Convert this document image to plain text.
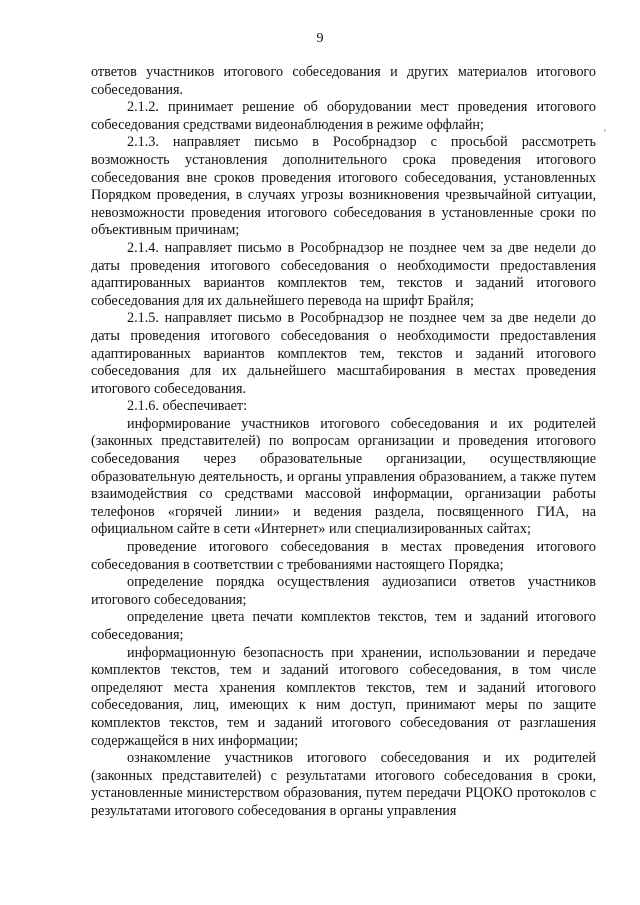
9
ᶜ

ответов участников итогового собеседования и других материалов итогового собеседования.

2.1.2. принимает решение об оборудовании мест проведения итогового собеседования средствами видеонаблюдения в режиме оффлайн;

2.1.3. направляет письмо в Рособрнадзор с просьбой рассмотреть возможность установления дополнительного срока проведения итогового собеседования вне сроков проведения итогового собеседования, установленных Порядком проведения, в случаях угрозы возникновения чрезвычайной ситуации, невозможности проведения итогового собеседования в установленные сроки по объективным причинам;

2.1.4. направляет письмо в Рособрнадзор не позднее чем за две недели до даты проведения итогового собеседования о необходимости предоставления адаптированных вариантов комплектов тем, текстов и заданий итогового собеседования для их дальнейшего перевода на шрифт Брайля;

2.1.5. направляет письмо в Рособрнадзор не позднее чем за две недели до даты проведения итогового собеседования о необходимости предоставления адаптированных вариантов комплектов тем, текстов и заданий итогового собеседования для их дальнейшего масштабирования в местах проведения итогового собеседования.

2.1.6. обеспечивает:

информирование участников итогового собеседования и их родителей (законных представителей) по вопросам организации и проведения итогового собеседования через образовательные организации, осуществляющие образовательную деятельность, и органы управления образованием, а также путем взаимодействия со средствами массовой информации, организации работы телефонов «горячей линии» и ведения раздела, посвященного ГИА, на официальном сайте в сети «Интернет» или специализированных сайтах;

проведение итогового собеседования в местах проведения итогового собеседования в соответствии с требованиями настоящего Порядка;

определение порядка осуществления аудиозаписи ответов участников итогового собеседования;

определение цвета печати комплектов текстов, тем и заданий итогового собеседования;

информационную безопасность при хранении, использовании и передаче комплектов текстов, тем и заданий итогового собеседования, в том числе определяют места хранения комплектов текстов, тем и заданий итогового собеседования, лиц, имеющих к ним доступ, принимают меры по защите комплектов текстов, тем и заданий итогового собеседования от разглашения содержащейся в них информации;

ознакомление участников итогового собеседования и их родителей (законных представителей) с результатами итогового собеседования в сроки, установленные министерством образования, путем передачи РЦОКО протоколов с результатами итогового собеседования в органы управления
